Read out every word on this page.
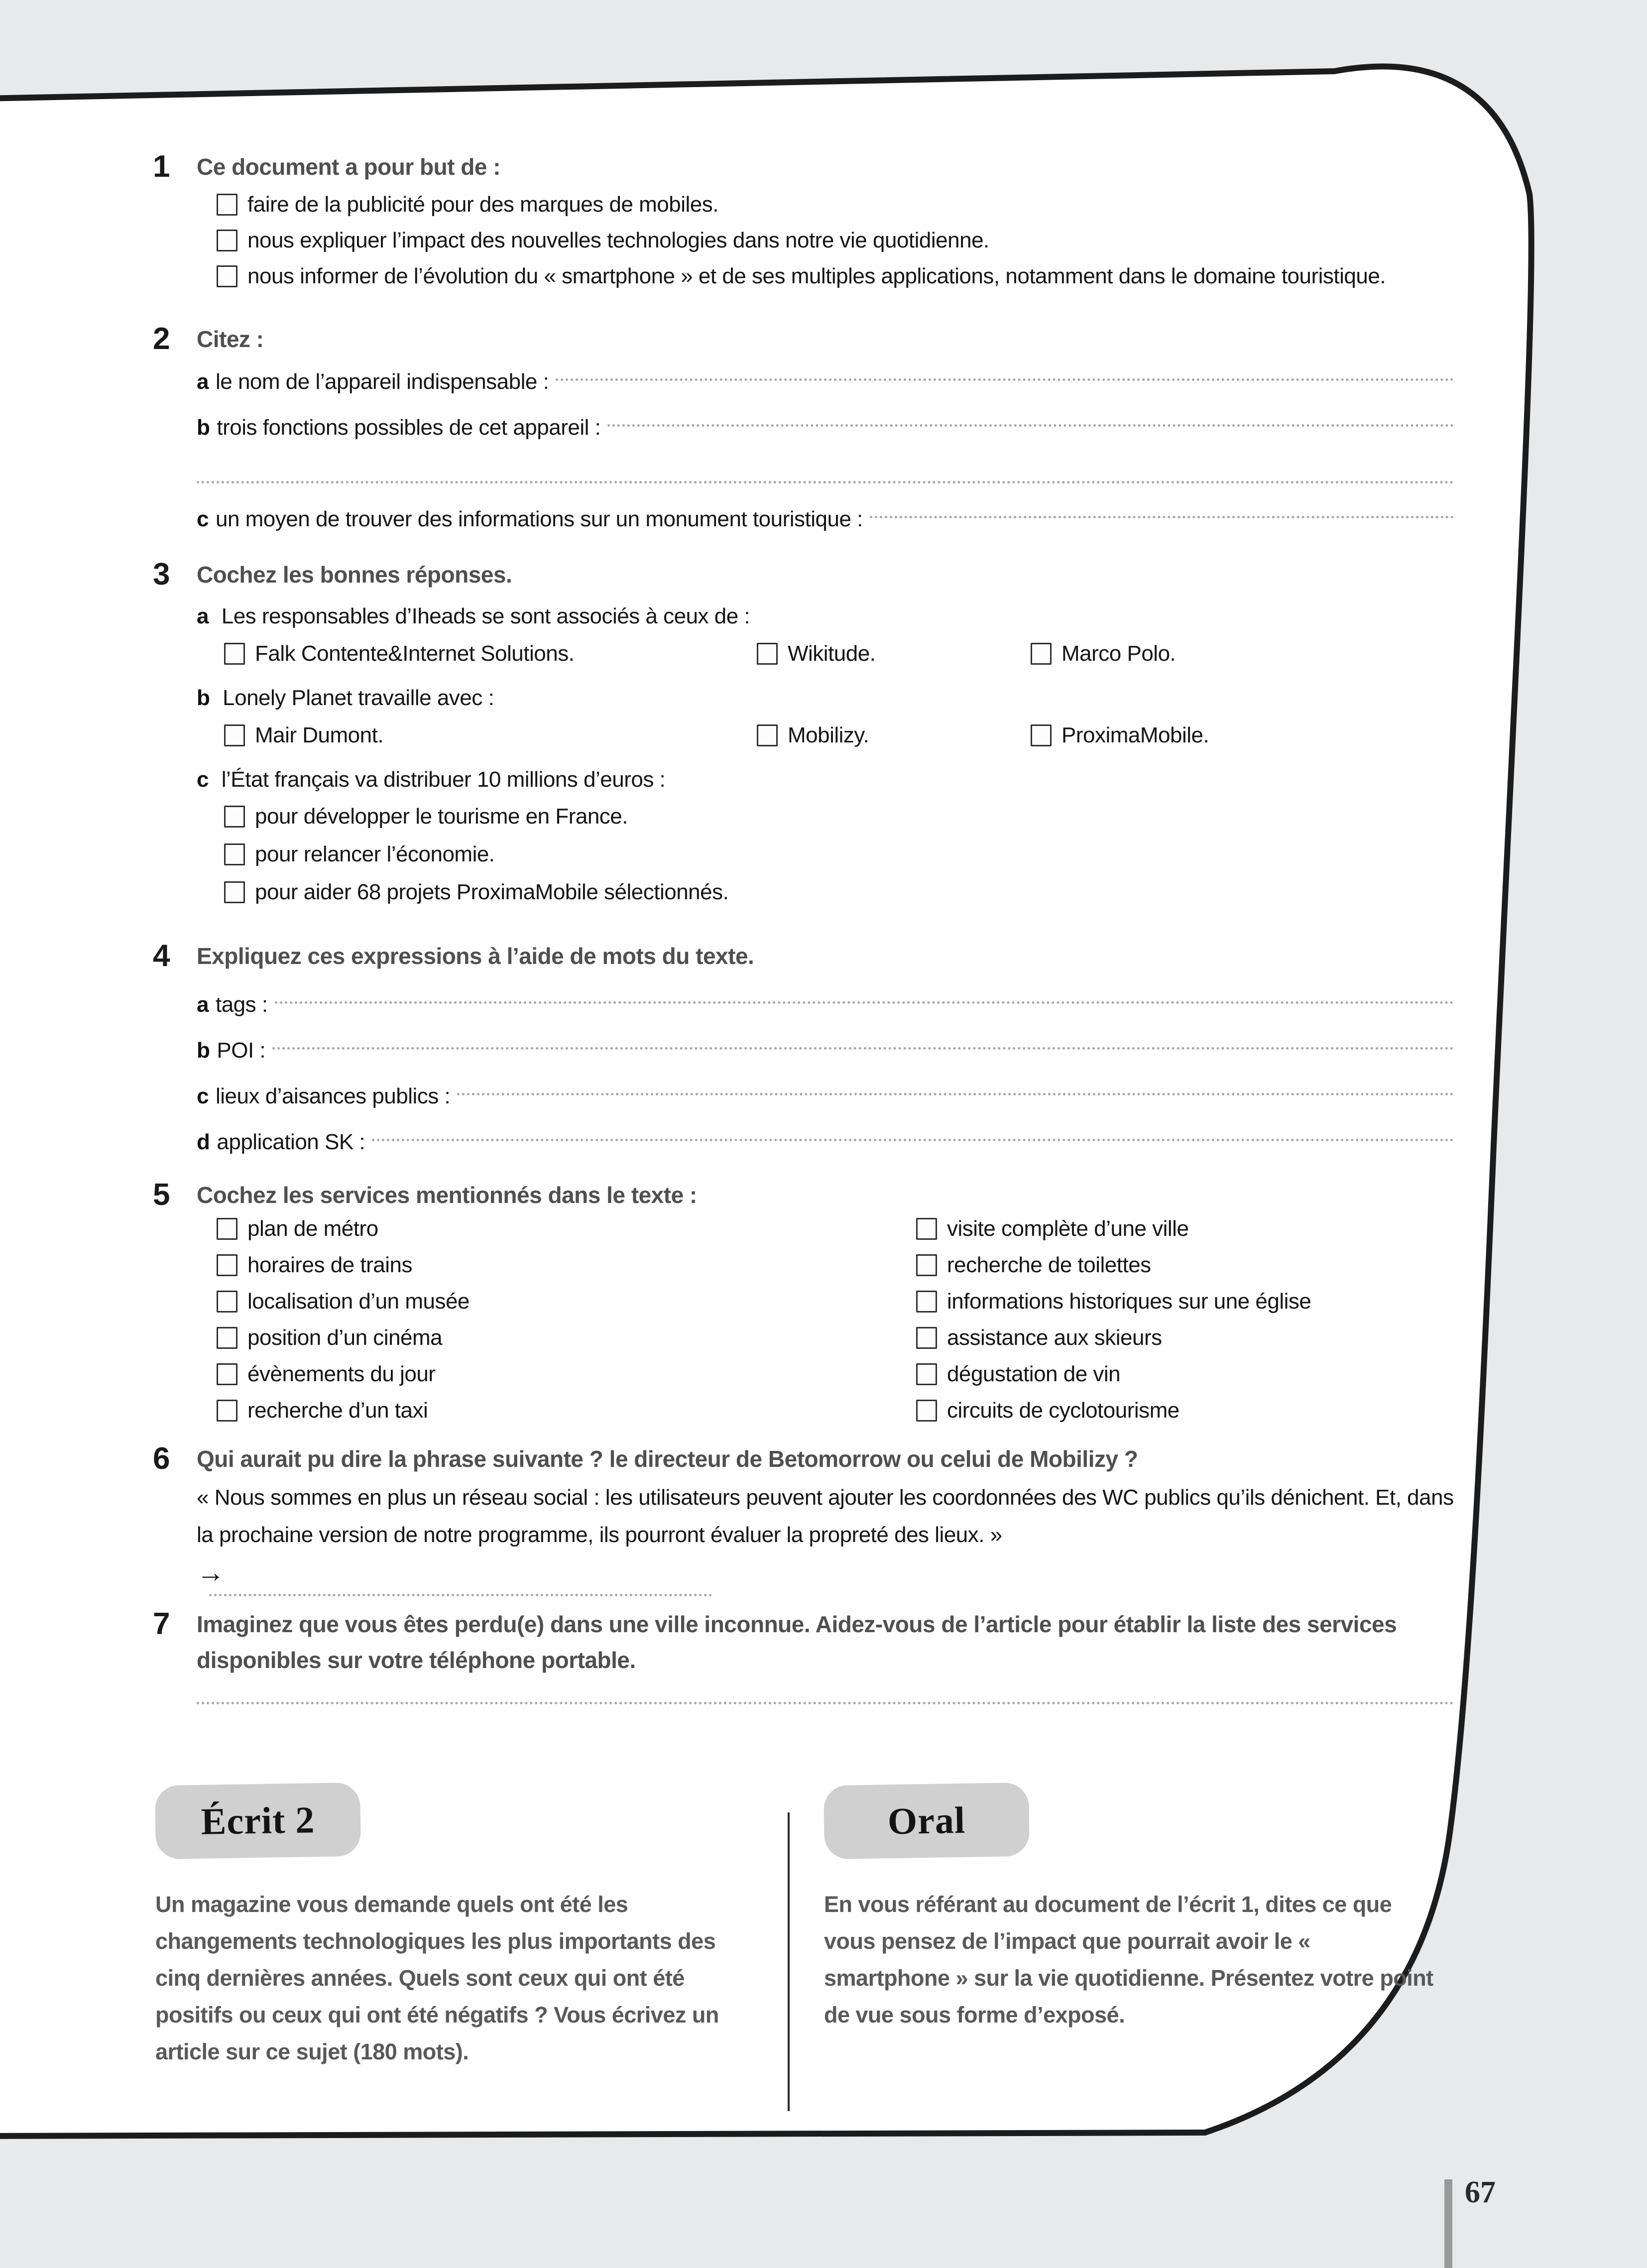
1 Ce document a pour but de :
faire de la publicité pour des marques de mobiles.
nous expliquer l’impact des nouvelles technologies dans notre vie quotidienne.
nous informer de l’évolution du « smartphone » et de ses multiples applications, notamment dans le domaine touristique.
2 Citez :
a le nom de l’appareil indispensable :
b trois fonctions possibles de cet appareil :
c un moyen de trouver des informations sur un monument touristique :
3 Cochez les bonnes réponses.
a Les responsables d’Iheads se sont associés à ceux de :
Falk Contente&Internet Solutions.	Wikitude.	Marco Polo.
b Lonely Planet travaille avec :
Mair Dumont.	Mobilizy.	ProximaMobile.
c l’État français va distribuer 10 millions d’euros :
pour développer le tourisme en France.
pour relancer l’économie.
pour aider 68 projets ProximaMobile sélectionnés.
4 Expliquez ces expressions à l’aide de mots du texte.
a tags :
b POI :
c lieux d’aisances publics :
d application SK :
5 Cochez les services mentionnés dans le texte :
plan de métro	visite complète d’une ville
horaires de trains	recherche de toilettes
localisation d’un musée	informations historiques sur une église
position d’un cinéma	assistance aux skieurs
évènements du jour	dégustation de vin
recherche d’un taxi	circuits de cyclotourisme
6 Qui aurait pu dire la phrase suivante ? le directeur de Betomorrow ou celui de Mobilizy ?
« Nous sommes en plus un réseau social : les utilisateurs peuvent ajouter les coordonnées des WC publics qu’ils dénichent. Et, dans la prochaine version de notre programme, ils pourront évaluer la propreté des lieux. »
→
7 Imaginez que vous êtes perdu(e) dans une ville inconnue. Aidez-vous de l’article pour établir la liste des services disponibles sur votre téléphone portable.
Écrit 2	Oral
Un magazine vous demande quels ont été les changements technologiques les plus importants des cinq dernières années. Quels sont ceux qui ont été positifs ou ceux qui ont été négatifs ? Vous écrivez un article sur ce sujet (180 mots).
En vous référant au document de l’écrit 1, dites ce que vous pensez de l’impact que pourrait avoir le « smartphone » sur la vie quotidienne. Présentez votre point de vue sous forme d’exposé.
67
